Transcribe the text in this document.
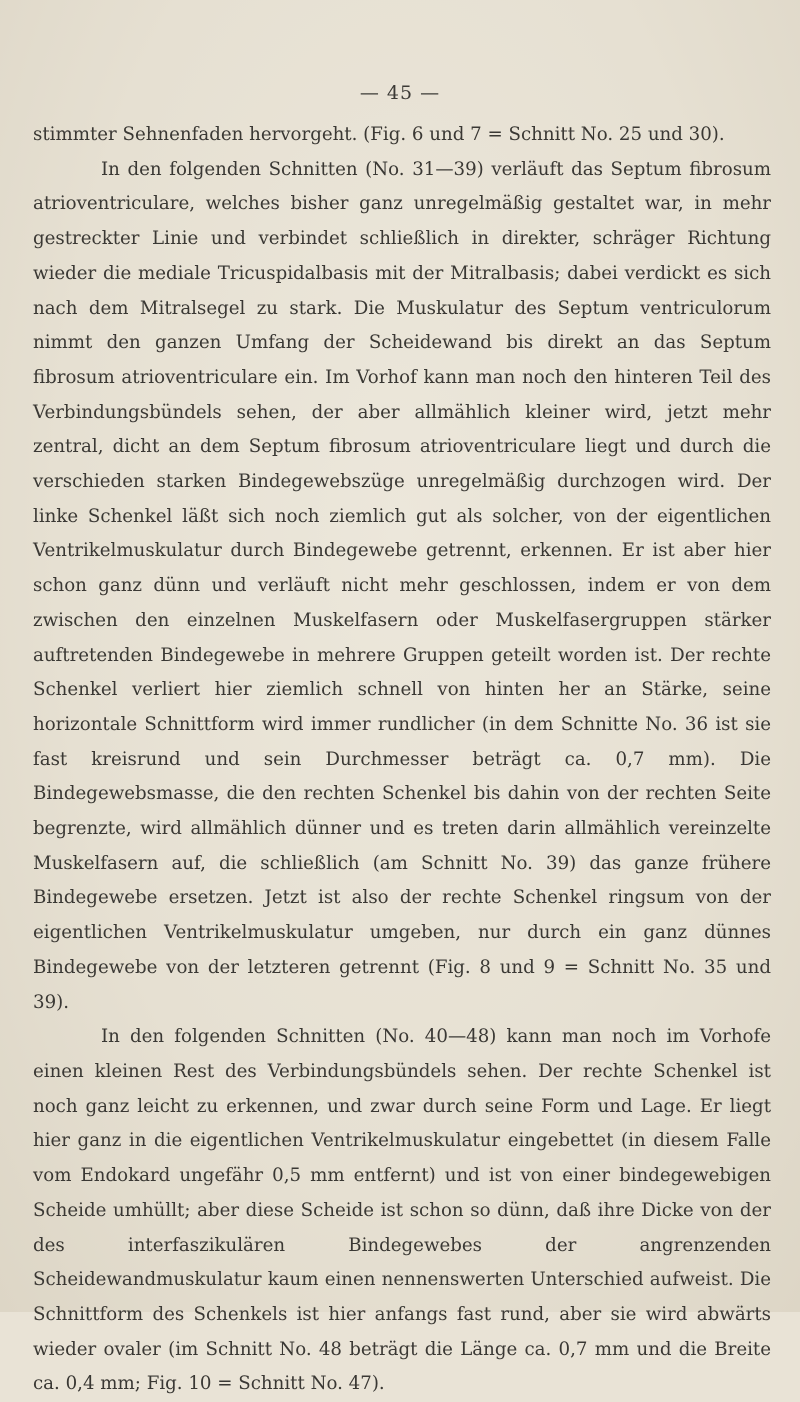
— 45 —

stimmter Sehnenfaden hervorgeht. (Fig. 6 und 7 = Schnitt No. 25 und 30).

In den folgenden Schnitten (No. 31—39) verläuft das Septum fibrosum atrioventriculare, welches bisher ganz unregelmäßig gestaltet war, in mehr gestreckter Linie und verbindet schließlich in direkter, schräger Richtung wieder die mediale Tricuspidalbasis mit der Mitralbasis; dabei verdickt es sich nach dem Mitralsegel zu stark. Die Muskulatur des Septum ventriculorum nimmt den ganzen Umfang der Scheidewand bis direkt an das Septum fibrosum atrioventriculare ein. Im Vorhof kann man noch den hinteren Teil des Verbindungsbündels sehen, der aber allmählich kleiner wird, jetzt mehr zentral, dicht an dem Septum fibrosum atrioventriculare liegt und durch die verschieden starken Bindegewebszüge unregelmäßig durchzogen wird. Der linke Schenkel läßt sich noch ziemlich gut als solcher, von der eigentlichen Ventrikelmuskulatur durch Bindegewebe getrennt, erkennen. Er ist aber hier schon ganz dünn und verläuft nicht mehr geschlossen, indem er von dem zwischen den einzelnen Muskelfasern oder Muskelfasergruppen stärker auftretenden Bindegewebe in mehrere Gruppen geteilt worden ist. Der rechte Schenkel verliert hier ziemlich schnell von hinten her an Stärke, seine horizontale Schnittform wird immer rundlicher (in dem Schnitte No. 36 ist sie fast kreisrund und sein Durchmesser beträgt ca. 0,7 mm). Die Bindegewebsmasse, die den rechten Schenkel bis dahin von der rechten Seite begrenzte, wird allmählich dünner und es treten darin allmählich vereinzelte Muskelfasern auf, die schließlich (am Schnitt No. 39) das ganze frühere Bindegewebe ersetzen. Jetzt ist also der rechte Schenkel ringsum von der eigentlichen Ventrikelmuskulatur umgeben, nur durch ein ganz dünnes Bindegewebe von der letzteren getrennt (Fig. 8 und 9 = Schnitt No. 35 und 39).

In den folgenden Schnitten (No. 40—48) kann man noch im Vorhofe einen kleinen Rest des Verbindungsbündels sehen. Der rechte Schenkel ist noch ganz leicht zu erkennen, und zwar durch seine Form und Lage. Er liegt hier ganz in die eigentlichen Ventrikelmuskulatur eingebettet (in diesem Falle vom Endokard ungefähr 0,5 mm entfernt) und ist von einer bindegewebigen Scheide umhüllt; aber diese Scheide ist schon so dünn, daß ihre Dicke von der des interfaszikulären Bindegewebes der angrenzenden Scheidewandmuskulatur kaum einen nennenswerten Unterschied aufweist. Die Schnittform des Schenkels ist hier anfangs fast rund, aber sie wird abwärts wieder ovaler (im Schnitt No. 48 beträgt die Länge ca. 0,7 mm und die Breite ca. 0,4 mm; Fig. 10 = Schnitt No. 47).
